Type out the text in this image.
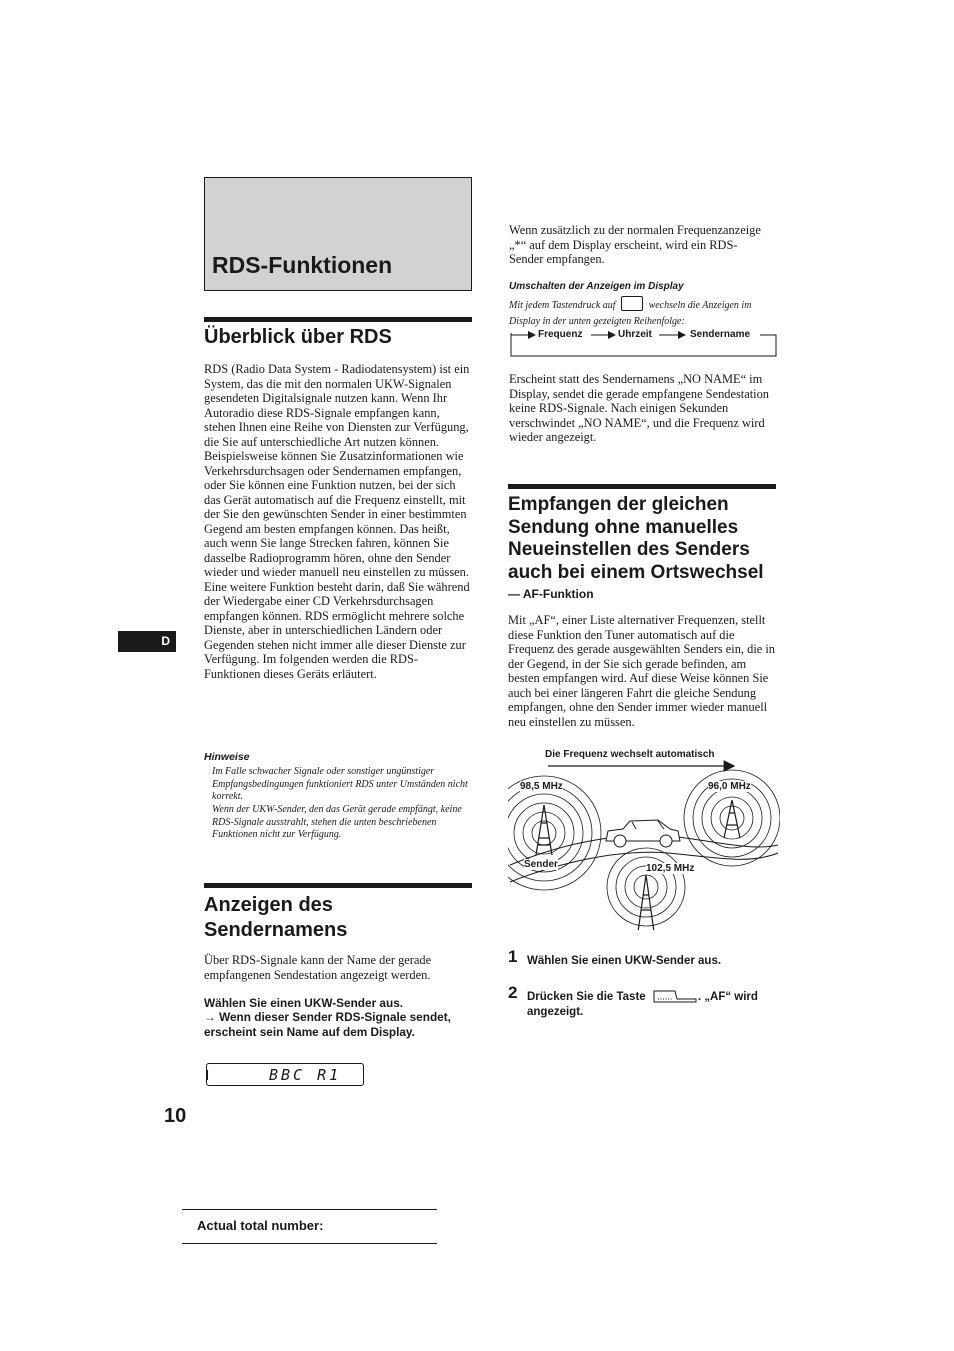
RDS-Funktionen
Überblick über RDS

RDS (Radio Data System - Radiodatensystem) ist ein System, das die mit den normalen UKW-Signalen gesendeten Digitalsignale nutzen kann. Wenn Ihr Autoradio diese RDS-Signale empfangen kann, stehen Ihnen eine Reihe von Diensten zur Verfügung, die Sie auf unterschiedliche Art nutzen können. Beispielsweise können Sie Zusatzinformationen wie Verkehrsdurchsagen oder Sendernamen empfangen, oder Sie können eine Funktion nutzen, bei der sich das Gerät automatisch auf die Frequenz einstellt, mit der Sie den gewünschten Sender in einer bestimmten Gegend am besten empfangen können. Das heißt, auch wenn Sie lange Strecken fahren, können Sie dasselbe Radioprogramm hören, ohne den Sender wieder und wieder manuell neu einstellen zu müssen. Eine weitere Funktion besteht darin, daß Sie während der Wiedergabe einer CD Verkehrsdurchsagen empfangen können. RDS ermöglicht mehrere solche Dienste, aber in unterschiedlichen Ländern oder Gegenden stehen nicht immer alle dieser Dienste zur Verfügung. Im folgenden werden die RDS-Funktionen dieses Geräts erläutert.

Hinweise

Im Falle schwacher Signale oder sonstiger ungünstiger Empfangsbedingungen funktioniert RDS unter Umständen nicht korrekt.

Wenn der UKW-Sender, den das Gerät gerade empfängt, keine RDS-Signale ausstrahlt, stehen die unten beschriebenen Funktionen nicht zur Verfügung.

D
Anzeigen des Sendernamens

Über RDS-Signale kann der Name der gerade empfangenen Sendestation angezeigt werden.

Wählen Sie einen UKW-Sender aus.
→ Wenn dieser Sender RDS-Signale sendet, erscheint sein Name auf dem Display.
BBC R1
10
Actual total number:

Wenn zusätzlich zu der normalen Frequenzanzeige „*“ auf dem Display erscheint, wird ein RDS-Sender empfangen.

Umschalten der Anzeigen im Display
Mit jedem Tastendruck auf	wechseln die Anzeigen im Display in der unten gezeigten Reihenfolge:
Frequenz	Uhrzeit	Sendername

Erscheint statt des Sendernamens „NO NAME“ im Display, sendet die gerade empfangene Sendestation keine RDS-Signale. Nach einigen Sekunden verschwindet „NO NAME“, und die Frequenz wird wieder angezeigt.

Empfangen der gleichen Sendung ohne manuelles Neueinstellen des Senders auch bei einem Ortswechsel
— AF-Funktion

Mit „AF“, einer Liste alternativer Frequenzen, stellt diese Funktion den Tuner automatisch auf die Frequenz des gerade ausgewählten Senders ein, die in der Gegend, in der Sie sich gerade befinden, am besten empfangen wird. Auf diese Weise können Sie auch bei einer längeren Fahrt die gleiche Sendung empfangen, ohne den Sender immer wieder manuell neu einstellen zu müssen.

Die Frequenz wechselt automatisch
98,5 MHz	96,0 MHz
102,5 MHz
Sender
1 Wählen Sie einen UKW-Sender aus.
2 Drücken Sie die Taste	. „AF“ wird angezeigt.
